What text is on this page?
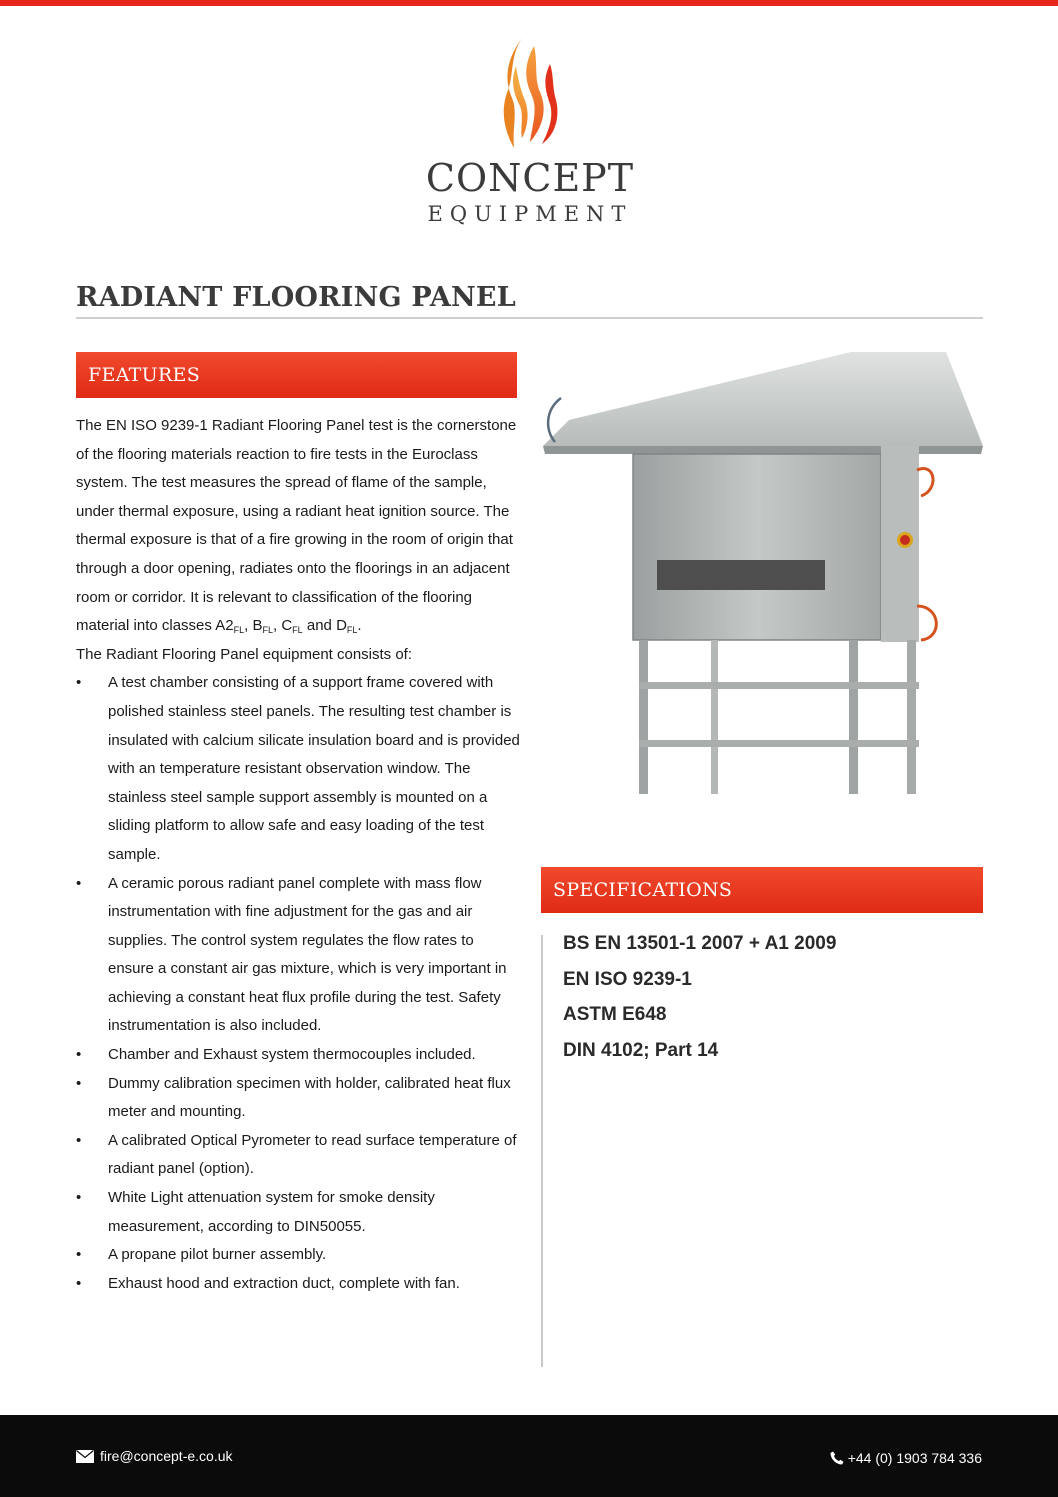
CONCEPT
EQUIPMENT
RADIANT FLOORING PANEL
FEATURES

The EN ISO 9239-1 Radiant Flooring Panel test is the cornerstone of the flooring materials reaction to fire tests in the Euroclass system. The test measures the spread of flame of the sample, under thermal exposure, using a radiant heat ignition source. The thermal exposure is that of a fire growing in the room of origin that through a door opening, radiates onto the floorings in an adjacent room or corridor. It is relevant to classification of the flooring material into classes $A2_{FL}$, $B_{FL}$, $C_{FL}$ and $D_{FL}$.

The Radiant Flooring Panel equipment consists of:

• A test chamber consisting of a support frame covered with polished stainless steel panels. The resulting test chamber is insulated with calcium silicate insulation board and is provided with an temperature resistant observation window. The stainless steel sample support assembly is mounted on a sliding platform to allow safe and easy loading of the test sample.
• A ceramic porous radiant panel complete with mass flow instrumentation with fine adjustment for the gas and air supplies. The control system regulates the flow rates to ensure a constant air gas mixture, which is very important in achieving a constant heat flux profile during the test. Safety instrumentation is also included.
• Chamber and Exhaust system thermocouples included.
• Dummy calibration specimen with holder, calibrated heat flux meter and mounting.
• A calibrated Optical Pyrometer to read surface temperature of radiant panel (option).
• White Light attenuation system for smoke density measurement, according to DIN50055.
• A propane pilot burner assembly.
• Exhaust hood and extraction duct, complete with fan.
SPECIFICATIONS
BS EN 13501-1 2007 + A1 2009
EN ISO 9239-1
ASTM E648
DIN 4102; Part 14
fire@concept-e.co.uk	+44 (0) 1903 784 336
